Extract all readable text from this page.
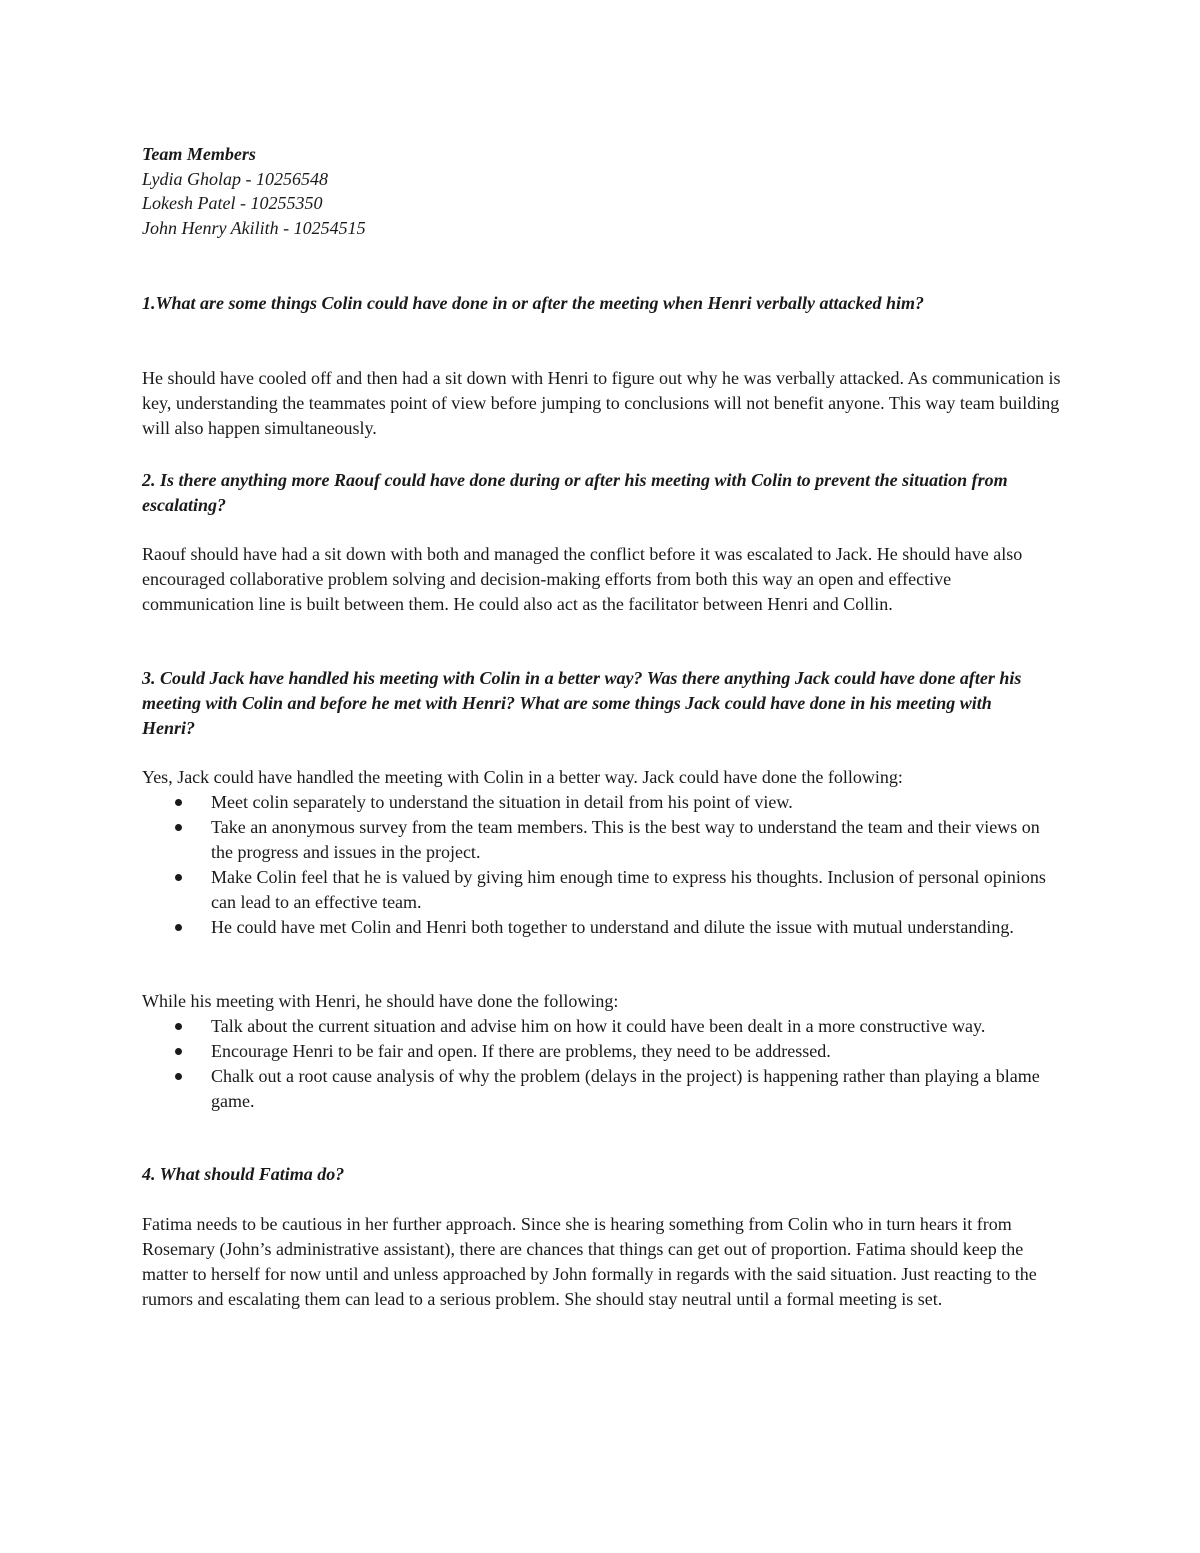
Team Members
Lydia Gholap - 10256548
Lokesh Patel - 10255350
John Henry Akilith - 10254515

1.What are some things Colin could have done in or after the meeting when Henri verbally attacked him?

He should have cooled off and then had a sit down with Henri to figure out why he was verbally attacked. As communication is key, understanding the teammates point of view before jumping to conclusions will not benefit anyone. This way team building will also happen simultaneously.

2. Is there anything more Raouf could have done during or after his meeting with Colin to prevent the situation from escalating?

Raouf should have had a sit down with both and managed the conflict before it was escalated to Jack. He should have also encouraged collaborative problem solving and decision-making efforts from both this way an open and effective communication line is built between them. He could also act as the facilitator between Henri and Collin.

3. Could Jack have handled his meeting with Colin in a better way? Was there anything Jack could have done after his meeting with Colin and before he met with Henri? What are some things Jack could have done in his meeting with Henri?

Yes, Jack could have handled the meeting with Colin in a better way. Jack could have done the following:

Meet colin separately to understand the situation in detail from his point of view.
Take an anonymous survey from the team members. This is the best way to understand the team and their views on the progress and issues in the project.
Make Colin feel that he is valued by giving him enough time to express his thoughts. Inclusion of personal opinions can lead to an effective team.
He could have met Colin and Henri both together to understand and dilute the issue with mutual understanding.

While his meeting with Henri, he should have done the following:

Talk about the current situation and advise him on how it could have been dealt in a more constructive way.
Encourage Henri to be fair and open. If there are problems, they need to be addressed.
Chalk out a root cause analysis of why the problem (delays in the project) is happening rather than playing a blame game.

4. What should Fatima do?

Fatima needs to be cautious in her further approach. Since she is hearing something from Colin who in turn hears it from Rosemary (John’s administrative assistant), there are chances that things can get out of proportion. Fatima should keep the matter to herself for now until and unless approached by John formally in regards with the said situation. Just reacting to the rumors and escalating them can lead to a serious problem. She should stay neutral until a formal meeting is set.
